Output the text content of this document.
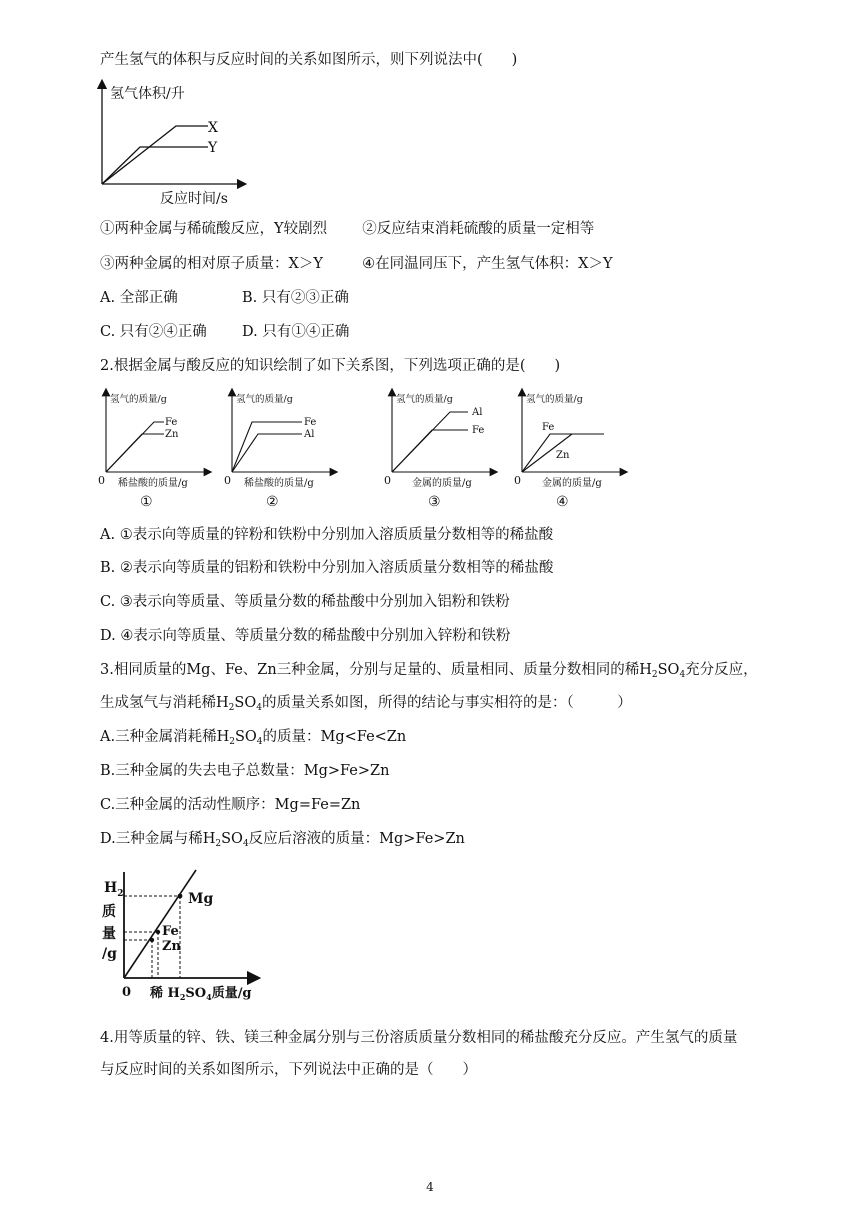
产生氢气的体积与反应时间的关系如图所示，则下列说法中(　　)
氢气体积/升
X
Y
反应时间/s
①两种金属与稀硫酸反应，Y较剧烈 ②反应结束消耗硫酸的质量一定相等
③两种金属的相对原子质量：X＞Y	④在同温同压下，产生氢气体积：X＞Y
A. 全部正确	B. 只有②③正确
C. 只有②④正确 D. 只有①④正确
2.根据金属与酸反应的知识绘制了如下关系图，下列选项正确的是(　　)
氢气的质量/g
Fe
Zn
0 稀盐酸的质量/g
①
氢气的质量/g
Fe
Al
0 稀盐酸的质量/g
②
氢气的质量/g
Al
Fe
0 金属的质量/g
③
氢气的质量/g
Fe
Zn
0 金属的质量/g
④
A. ①表示向等质量的锌粉和铁粉中分别加入溶质质量分数相等的稀盐酸
B. ②表示向等质量的铝粉和铁粉中分别加入溶质质量分数相等的稀盐酸
C. ③表示向等质量、等质量分数的稀盐酸中分别加入铝粉和铁粉
D. ④表示向等质量、等质量分数的稀盐酸中分别加入锌粉和铁粉
3.相同质量的Mg、Fe、Zn三种金属，分别与足量的、质量相同、质量分数相同的稀$H_2SO_4$充分反应，
生成氢气与消耗稀$H_2SO_4$的质量关系如图，所得的结论与事实相符的是：（　　　）
A.三种金属消耗稀$H_2SO_4$的质量：Mg<Fe<Zn
B.三种金属的失去电子总数量：Mg>Fe>Zn
C.三种金属的活动性顺序：Mg=Fe=Zn
D.三种金属与稀$H_2SO_4$反应后溶液的质量：Mg>Fe>Zn
Mg
Fe
Zn
$H_2$
质
量
/g
0 稀 $H_2SO_4$质量/g
4.用等质量的锌、铁、镁三种金属分别与三份溶质质量分数相同的稀盐酸充分反应。产生氢气的质量
与反应时间的关系如图所示，下列说法中正确的是（　　）
4
